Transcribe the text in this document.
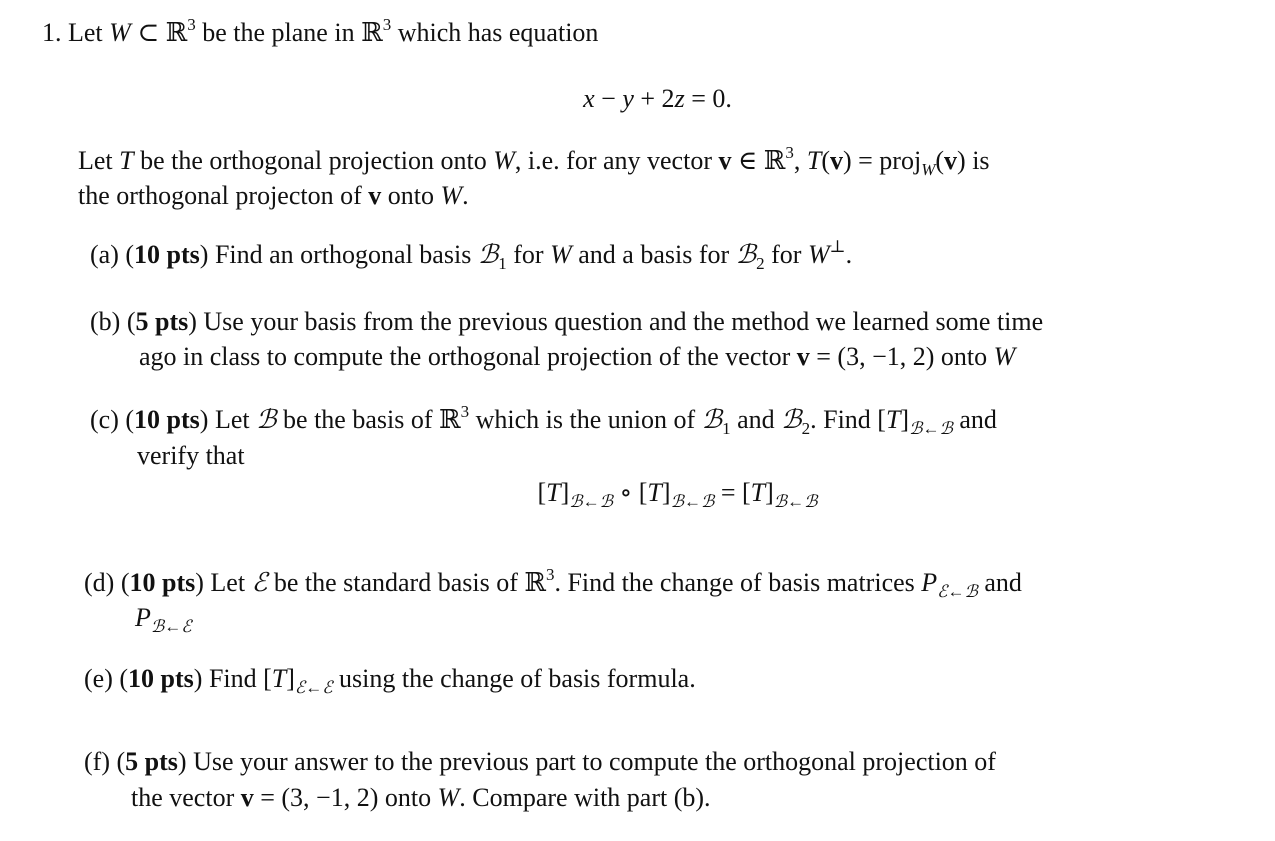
1. Let W ⊂ ℝ$^3$ be the plane in ℝ$^3$ which has equation
x − y + 2z = 0.
Let T be the orthogonal projection onto W, i.e. for any vector v ∈ ℝ$^3$, T(v) = proj$_W$(v) is
the orthogonal projecton of v onto W.
(a) (10 pts) Find an orthogonal basis ℬ$_1$ for W and a basis for ℬ$_2$ for W⊥.
(b) (5 pts) Use your basis from the previous question and the method we learned some time
ago in class to compute the orthogonal projection of the vector v = (3, −1, 2) onto W
(c) (10 pts) Let ℬ be the basis of ℝ$^3$ which is the union of ℬ$_1$ and ℬ$_2$. Find $[T]_{ℬ\leftarrow ℬ}$ and
verify that
$[T]_{ℬ\leftarrow ℬ}$ ∘ $[T]_{ℬ\leftarrow ℬ} = [T]_{ℬ\leftarrow ℬ}$
(d) (10 pts) Let ℰ be the standard basis of ℝ$^3$. Find the change of basis matrices $P_{ℰ\leftarrow ℬ}$ and
$P_{ℬ\leftarrow ℰ}$
(e) (10 pts) Find $[T]_{ℰ\leftarrow ℰ}$ using the change of basis formula.
(f) (5 pts) Use your answer to the previous part to compute the orthogonal projection of
the vector v = (3, −1, 2) onto W. Compare with part (b).
